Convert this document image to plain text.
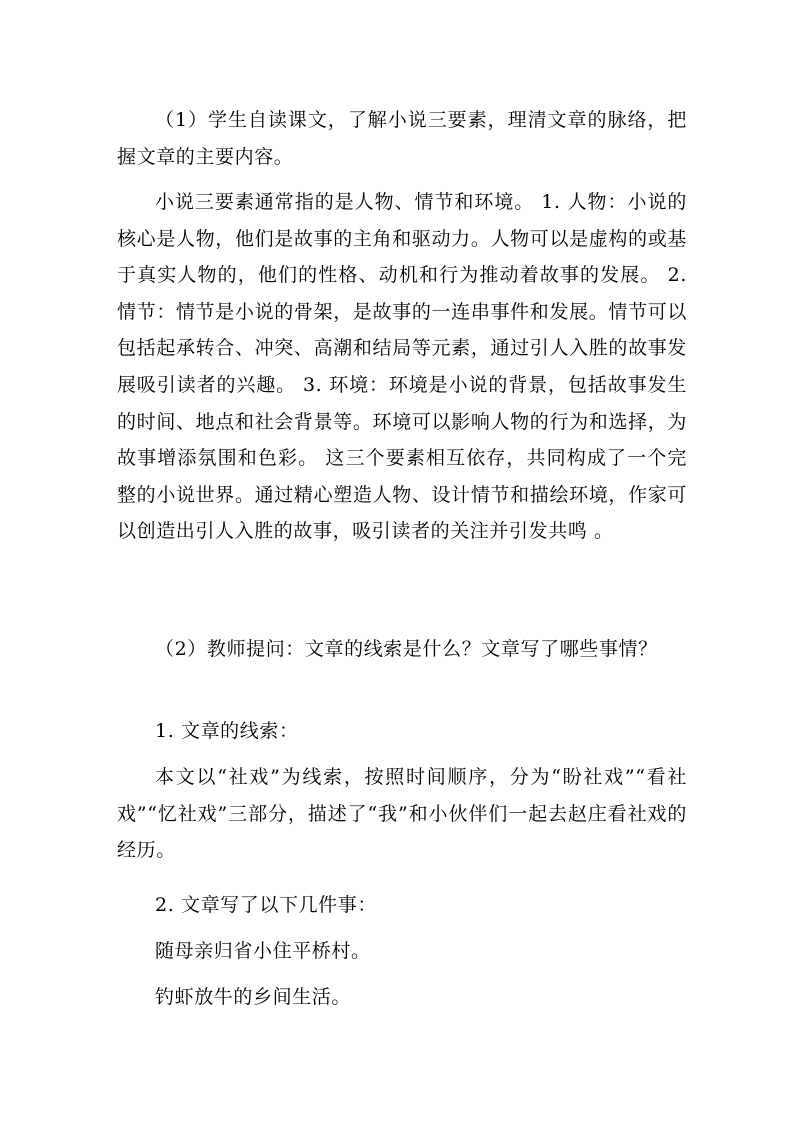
（1）学生自读课文，了解小说三要素，理清文章的脉络，把握文章的主要内容。

小说三要素通常指的是人物、情节和环境。 1. 人物：小说的核心是人物，他们是故事的主角和驱动力。人物可以是虚构的或基于真实人物的，他们的性格、动机和行为推动着故事的发展。 2. 情节：情节是小说的骨架，是故事的一连串事件和发展。情节可以包括起承转合、冲突、高潮和结局等元素，通过引人入胜的故事发展吸引读者的兴趣。 3. 环境：环境是小说的背景，包括故事发生的时间、地点和社会背景等。环境可以影响人物的行为和选择，为故事增添氛围和色彩。 这三个要素相互依存，共同构成了一个完整的小说世界。通过精心塑造人物、设计情节和描绘环境，作家可以创造出引人入胜的故事，吸引读者的关注并引发共鸣 。

（2）教师提问：文章的线索是什么？文章写了哪些事情？

1. 文章的线索：

本文以“社戏”为线索，按照时间顺序，分为“盼社戏”“看社戏”“忆社戏”三部分，描述了“我”和小伙伴们一起去赵庄看社戏的经历。

2. 文章写了以下几件事：

随母亲归省小住平桥村。

钓虾放牛的乡间生活。
